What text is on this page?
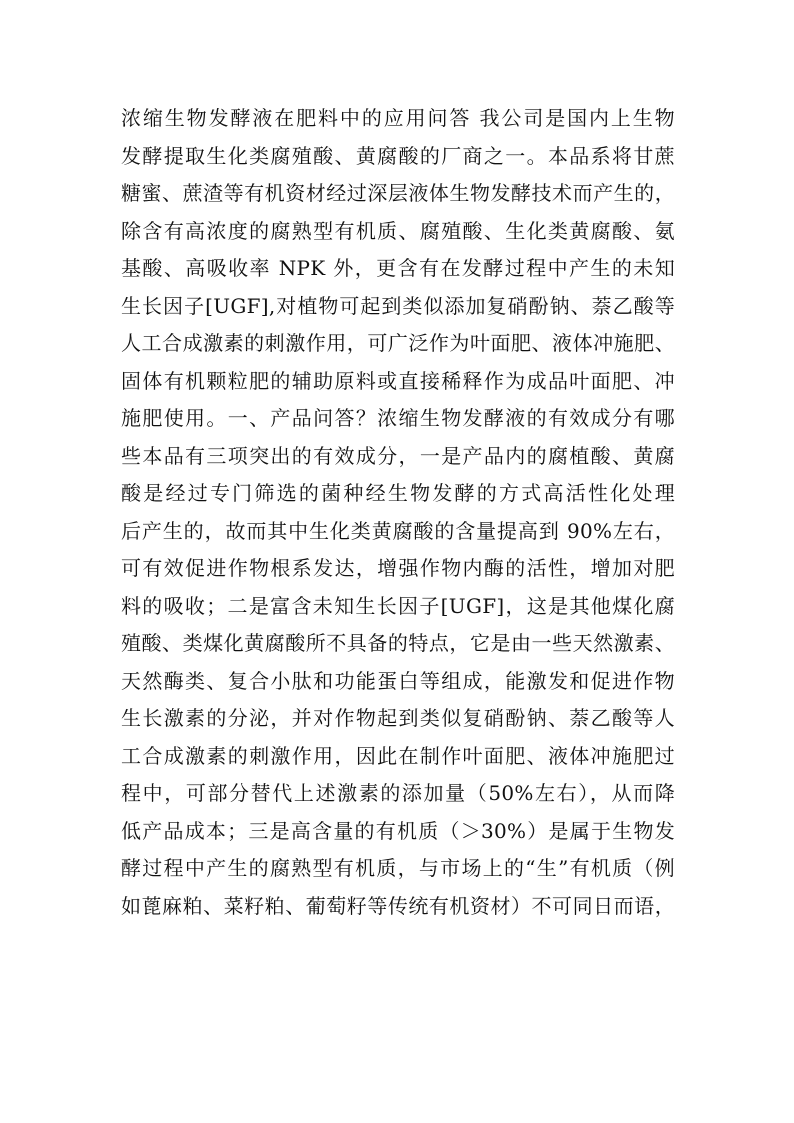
浓缩生物发酵液在肥料中的应用问答 我公司是国内上生物
发酵提取生化类腐殖酸、黄腐酸的厂商之一。本品系将甘蔗
糖蜜、蔗渣等有机资材经过深层液体生物发酵技术而产生的，
除含有高浓度的腐熟型有机质、腐殖酸、生化类黄腐酸、氨
基酸、高吸收率 NPK 外，更含有在发酵过程中产生的未知
生长因子[UGF],对植物可起到类似添加复硝酚钠、萘乙酸等
人工合成激素的刺激作用，可广泛作为叶面肥、液体冲施肥、
固体有机颗粒肥的辅助原料或直接稀释作为成品叶面肥、冲
施肥使用。一、产品问答？浓缩生物发酵液的有效成分有哪
些本品有三项突出的有效成分，一是产品内的腐植酸、黄腐
酸是经过专门筛选的菌种经生物发酵的方式高活性化处理
后产生的，故而其中生化类黄腐酸的含量提高到 90%左右，
可有效促进作物根系发达，增强作物内酶的活性，增加对肥
料的吸收；二是富含未知生长因子[UGF]，这是其他煤化腐
殖酸、类煤化黄腐酸所不具备的特点，它是由一些天然激素、
天然酶类、复合小肽和功能蛋白等组成，能激发和促进作物
生长激素的分泌，并对作物起到类似复硝酚钠、萘乙酸等人
工合成激素的刺激作用，因此在制作叶面肥、液体冲施肥过
程中，可部分替代上述激素的添加量（50%左右），从而降
低产品成本；三是高含量的有机质（＞30%）是属于生物发
酵过程中产生的腐熟型有机质，与市场上的“生”有机质（例
如蓖麻粕、菜籽粕、葡萄籽等传统有机资材）不可同日而语，
